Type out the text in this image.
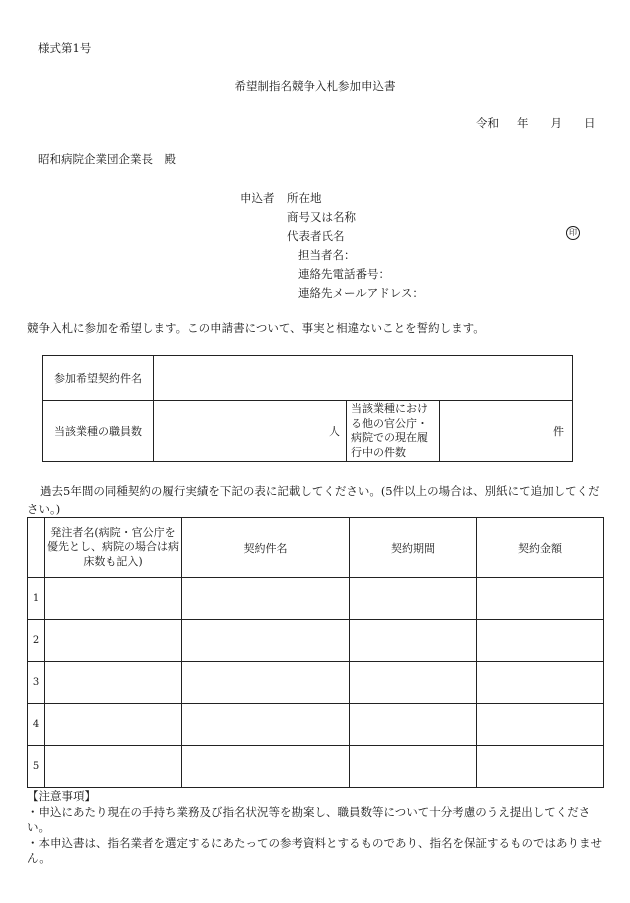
様式第1号
希望制指名競争入札参加申込書
令和 年 月 日
昭和病院企業団企業長　殿
申込者 所在地
商号又は名称
代表者氏名	印
担当者名：
連絡先電話番号：
連絡先メールアドレス：
競争入札に参加を希望します。この申請書について、事実と相違ないことを誓約します。
参加希望契約件名			
当該業種の職員数	人	当該業種における他の官公庁・病院での現在履行中の件数	件
過去5年間の同種契約の履行実績を下記の表に記載してください。(5件以上の場合は、別紙にて追加してください。)
	発注者名(病院・官公庁を優先とし、病院の場合は病床数も記入)	契約件名	契約期間	契約金額
1				
2				
3				
4				
5				
【注意事項】
・申込にあたり現在の手持ち業務及び指名状況等を勘案し、職員数等について十分考慮のうえ提出してください。
・本申込書は、指名業者を選定するにあたっての参考資料とするものであり、指名を保証するものではありません。
